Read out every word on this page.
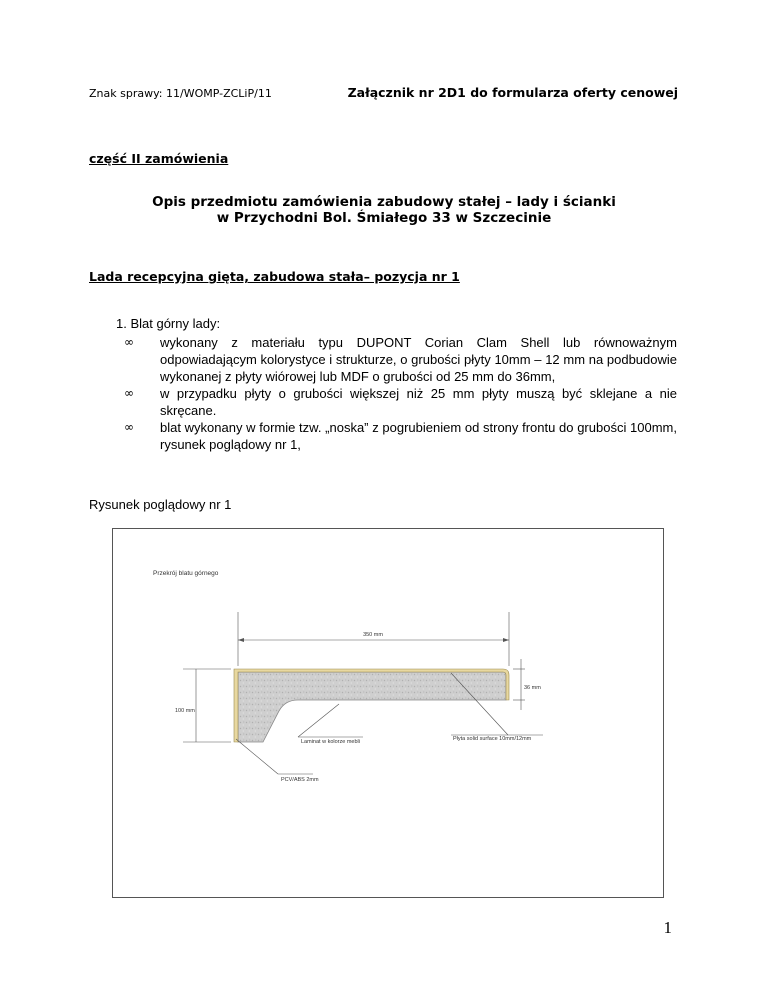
Znak sprawy: 11/WOMP-ZCLiP/11	Załącznik nr 2D1 do formularza oferty cenowej
część II zamówienia
Opis przedmiotu zamówienia zabudowy stałej – lady i ścianki
w Przychodni Bol. Śmiałego 33 w Szczecinie
Lada recepcyjna gięta, zabudowa stała– pozycja nr 1
1. Blat górny lady:
∞ wykonany z materiału typu DUPONT Corian Clam Shell lub równoważnym odpowiadającym kolorystyce i strukturze, o grubości płyty 10mm – 12 mm na podbudowie wykonanej z płyty wiórowej lub MDF o grubości od 25 mm do 36mm,
∞ w przypadku płyty o grubości większej niż 25 mm płyty muszą być sklejane a nie skręcane.
∞ blat wykonany w formie tzw. „noska” z pogrubieniem od strony frontu do grubości 100mm, rysunek poglądowy nr 1,
Rysunek poglądowy nr 1
Przekrój blatu górnego
350 mm
36 mm
100 mm
Laminat w kolorze mebli
PCV/ABS 2mm
Płyta solid surface 10mm/12mm
1
